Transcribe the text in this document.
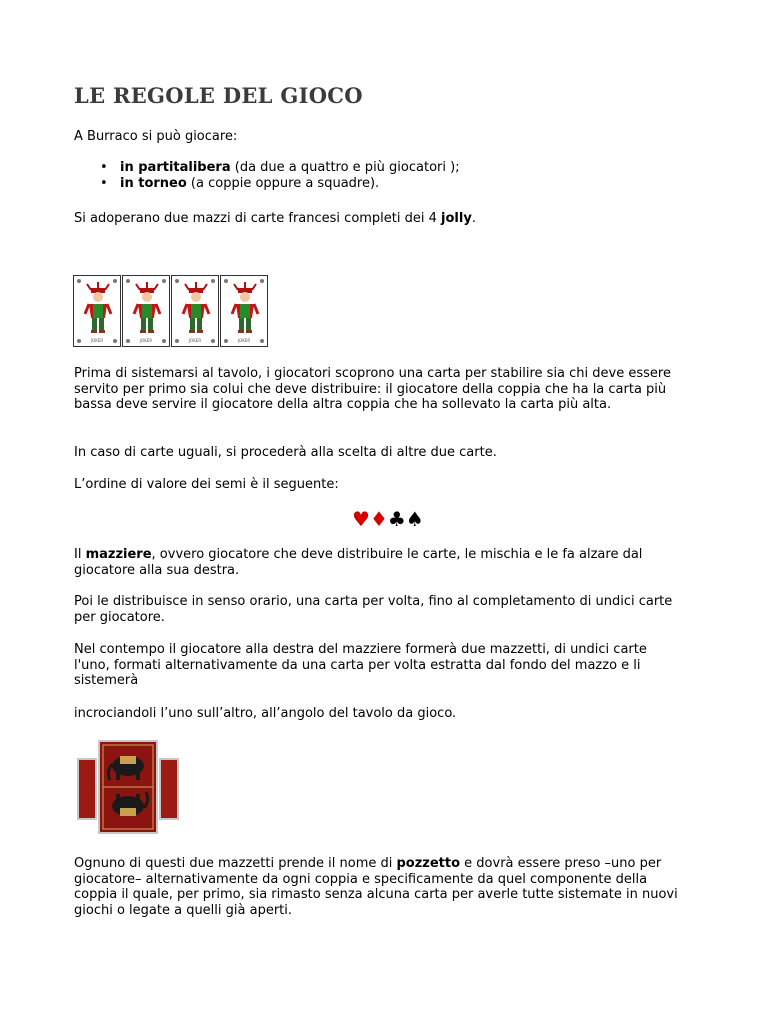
LE REGOLE DEL GIOCO

A Burraco si può giocare:

• in partitalibera (da due a quattro e più giocatori );
• in torneo (a coppie oppure a squadre).

Si adoperano due mazzi di carte francesi completi dei 4 jolly.

JOKER	JOKER	JOKER	JOKER

Prima di sistemarsi al tavolo, i giocatori scoprono una carta per stabilire sia chi deve essere servito per primo sia colui che deve distribuire: il giocatore della coppia che ha la carta più bassa deve servire il giocatore della altra coppia che ha sollevato la carta più alta.

In caso di carte uguali, si procederà alla scelta di altre due carte.

L’ordine di valore dei semi è il seguente:

♥♦♣♠

Il mazziere, ovvero giocatore che deve distribuire le carte, le mischia e le fa alzare dal giocatore alla sua destra.

Poi le distribuisce in senso orario, una carta per volta, fino al completamento di undici carte per giocatore.

Nel contempo il giocatore alla destra del mazziere formerà due mazzetti, di undici carte l'uno, formati alternativamente da una carta per volta estratta dal fondo del mazzo e li sistemerà

incrociandoli l’uno sull’altro, all’angolo del tavolo da gioco.

Ognuno di questi due mazzetti prende il nome di pozzetto e dovrà essere preso –uno per giocatore– alternativamente da ogni coppia e specificamente da quel componente della coppia il quale, per primo, sia rimasto senza alcuna carta per averle tutte sistemate in nuovi giochi o legate a quelli già aperti.
